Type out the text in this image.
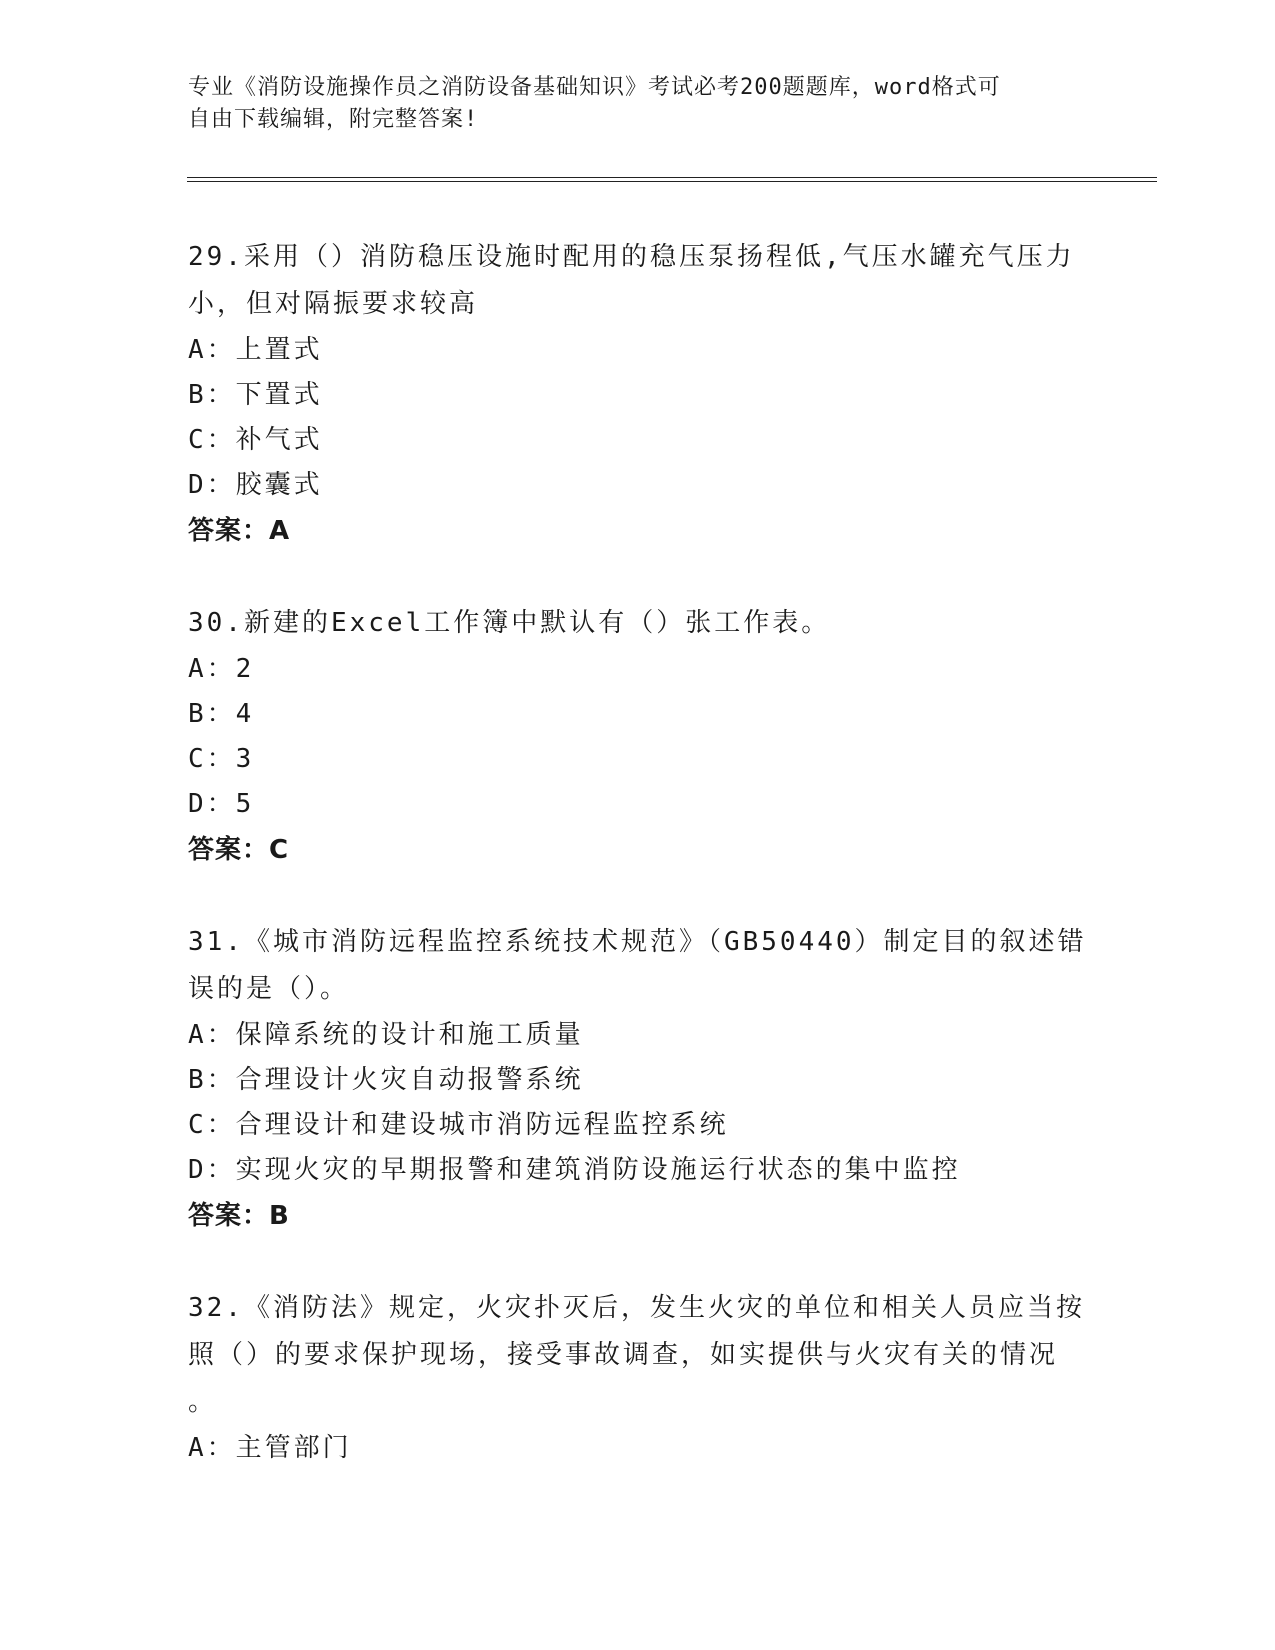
专业《消防设施操作员之消防设备基础知识》考试必考200题题库，word格式可
自由下载编辑，附完整答案!

29.采用（）消防稳压设施时配用的稳压泵扬程低,气压水罐充气压力

小，但对隔振要求较高

A：上置式

B：下置式

C：补气式

D：胶囊式

答案：A

30.新建的Excel工作簿中默认有（）张工作表。

A：2

B：4

C：3

D：5

答案：C

31.《城市消防远程监控系统技术规范》（GB50440）制定目的叙述错

误的是（）。

A：保障系统的设计和施工质量

B：合理设计火灾自动报警系统

C：合理设计和建设城市消防远程监控系统

D：实现火灾的早期报警和建筑消防设施运行状态的集中监控

答案：B

32.《消防法》规定，火灾扑灭后，发生火灾的单位和相关人员应当按

照（）的要求保护现场，接受事故调查，如实提供与火灾有关的情况

。

A：主管部门
